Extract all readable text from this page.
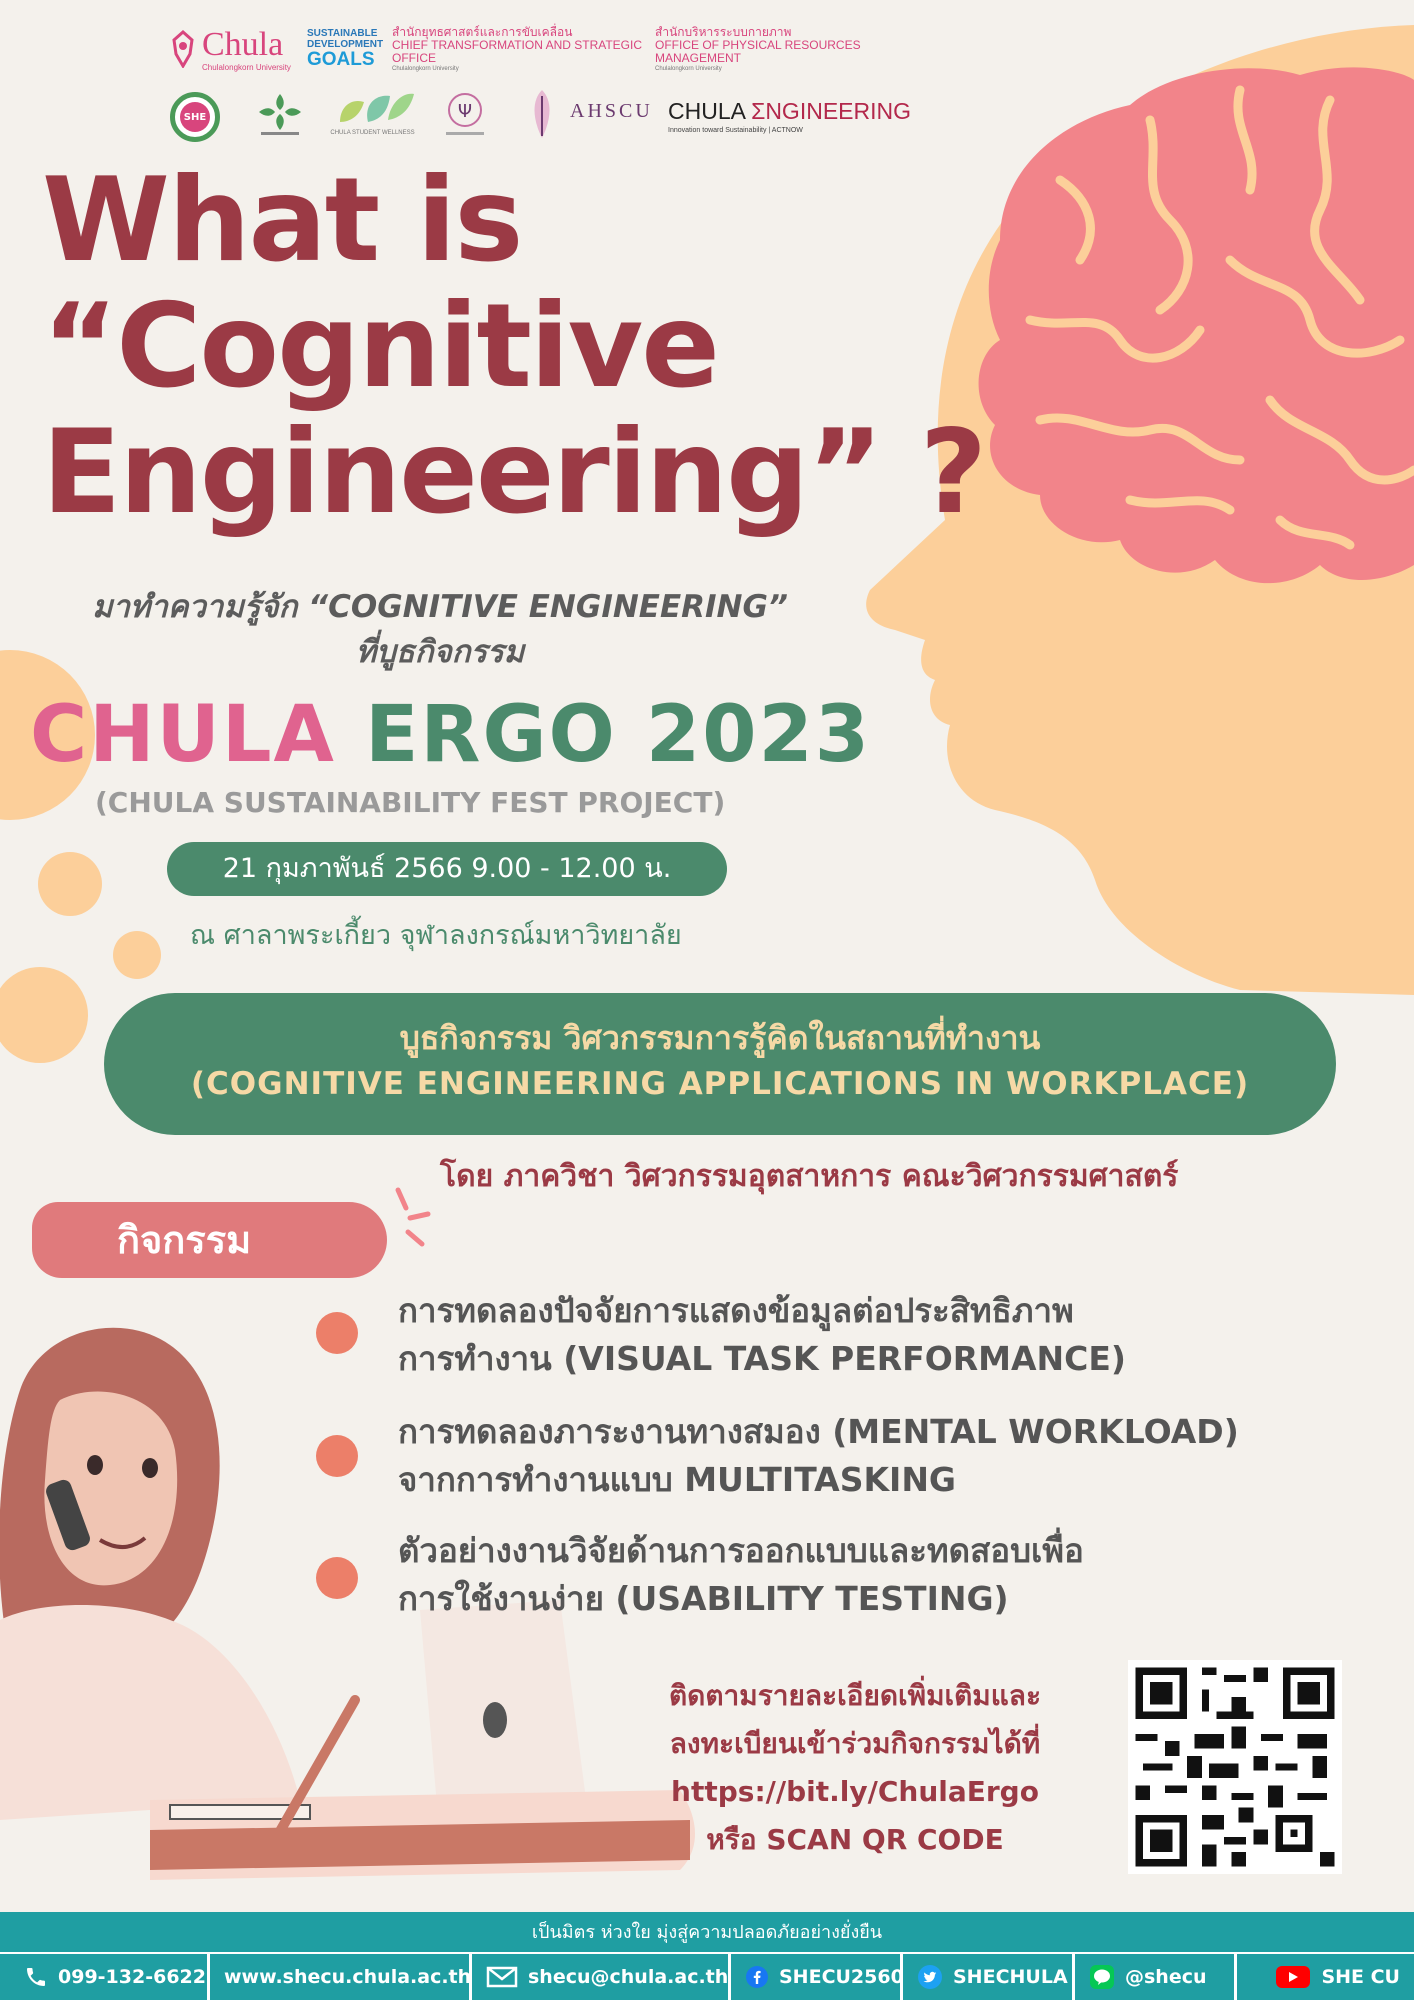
Chula
Chulalongkorn University
SUSTAINABLE
DEVELOPMENT
GOALS
สำนักยุทธศาสตร์และการขับเคลื่อน
CHIEF TRANSFORMATION AND STRATEGIC OFFICE
Chulalongkorn University
สำนักบริหารระบบกายภาพ
OFFICE OF PHYSICAL RESOURCES MANAGEMENT
Chulalongkorn University
SHE
CHULA STUDENT WELLNESS
Ψ	AHSCU CHULA ΣNGINEERING
Innovation toward Sustainability | ACTNOW
What is
“Cognitive
Engineering” ?
มาทำความรู้จัก “COGNITIVE ENGINEERING”
ที่บูธกิจกรรม
CHULA ERGO 2023
(CHULA SUSTAINABILITY FEST PROJECT)
21 กุมภาพันธ์ 2566 9.00 - 12.00 น.
ณ ศาลาพระเกี้ยว จุฬาลงกรณ์มหาวิทยาลัย
บูธกิจกรรม วิศวกรรมการรู้คิดในสถานที่ทำงาน
(COGNITIVE ENGINEERING APPLICATIONS IN WORKPLACE)
โดย ภาควิชา วิศวกรรมอุตสาหการ คณะวิศวกรรมศาสตร์
กิจกรรม
การทดลองปัจจัยการแสดงข้อมูลต่อประสิทธิภาพ
การทำงาน (VISUAL TASK PERFORMANCE)
การทดลองภาระงานทางสมอง (MENTAL WORKLOAD)
จากการทำงานแบบ MULTITASKING
ตัวอย่างงานวิจัยด้านการออกแบบและทดสอบเพื่อ
การใช้งานง่าย (USABILITY TESTING)
ติดตามรายละเอียดเพิ่มเติมและ
ลงทะเบียนเข้าร่วมกิจกรรมได้ที่
https://bit.ly/ChulaErgo
หรือ SCAN QR CODE
เป็นมิตร ห่วงใย มุ่งสู่ความปลอดภัยอย่างยั่งยืน
099-132-6622 www.shecu.chula.ac.th	shecu@chula.ac.th	SHECU2560	SHECHULA	@shecu	SHE CU
